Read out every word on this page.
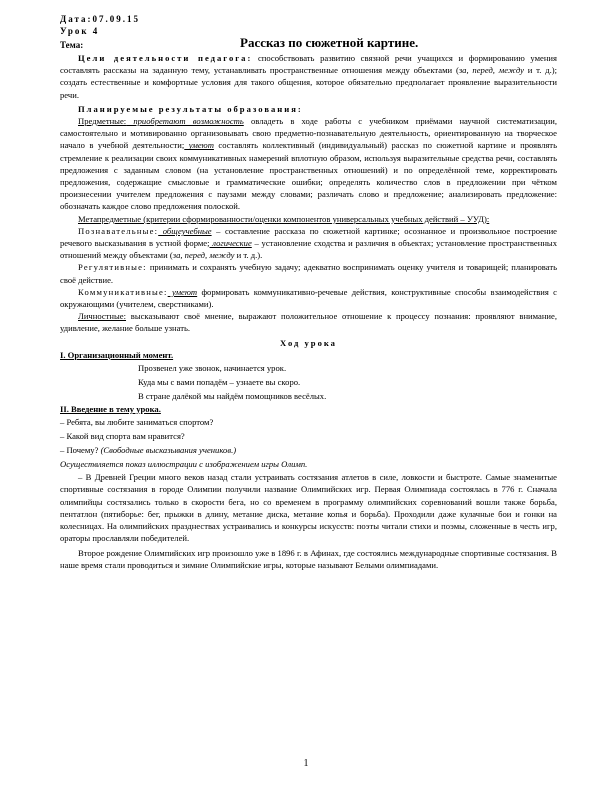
Дата:07.09.15
Урок 4
Тема:	Рассказ по сюжетной картине.

Цели деятельности педагога: способствовать развитию связной речи учащихся и формированию умения составлять рассказы на заданную тему, устанавливать пространственные отношения между объектами (за, перед, между и т. д.); создать естественные и комфортные условия для такого общения, которое обязательно предполагает проявление выразительности речи.

Планируемые результаты образования:

Предметные: приобретают возможность овладеть в ходе работы с учебником приёмами научной систематизации, самостоятельно и мотивированно организовывать свою предметно-познавательную деятельность, ориентированную на творческое начало в учебной деятельности; умеют составлять коллективный (индивидуальный) рассказ по сюжетной картине и проявлять стремление к реализации своих коммуникативных намерений вплотную образом, используя выразительные средства речи, составлять предложения с заданным словом (на установление пространственных отношений) и по определённой теме, корректировать предложения, содержащие смысловые и грамматические ошибки; определять количество слов в предложении при чётком произнесении учителем предложения с паузами между словами; различать слово и предложение; анализировать предложение: обозначать каждое слово предложения полоской.

Метапредметные (критерии сформированности/оценки компонентов универсальных учебных действий – УУД):

Познавательные: общеучебные – составление рассказа по сюжетной картинке; осознанное и произвольное построение речевого высказывания в устной форме; логические – установление сходства и различия в объектах; установление пространственных отношений между объектами (за, перед, между и т. д.).

Регулятивные: принимать и сохранять учебную задачу; адекватно воспринимать оценку учителя и товарищей; планировать своё действие.

Коммуникативные: умеют формировать коммуникативно-речевые действия, конструктивные способы взаимодействия с окружающими (учителем, сверстниками).

Личностные: высказывают своё мнение, выражают положительное отношение к процессу познания: проявляют внимание, удивление, желание больше узнать.

Ход урока

I. Организационный момент.

Прозвенел уже звонок, начинается урок.

Куда мы с вами попадём – узнаете вы скоро.

В стране далёкой мы найдём помощников весёлых.

II. Введение в тему урока.

– Ребята, вы любите заниматься спортом?

– Какой вид спорта вам нравится?

– Почему? (Свободные высказывания учеников.)

Осуществляется показ иллюстрации с изображением игры Олимп.

– В Древней Греции много веков назад стали устраивать состязания атлетов в силе, ловкости и быстроте. Самые знаменитые спортивные состязания в городе Олимпии получили название Олимпийских игр. Первая Олимпиада состоялась в 776 г. Сначала олимпийцы состязались только в скорости бега, но со временем в программу олимпийских соревнований вошли также борьба, пентатлон (пятиборье: бег, прыжки в длину, метание диска, метание копья и борьба). Проходили даже кулачные бои и гонки на колесницах. На олимпийских празднествах устраивались и конкурсы искусств: поэты читали стихи и поэмы, сложенные в честь игр, ораторы прославляли победителей.

Второе рождение Олимпийских игр произошло уже в 1896 г. в Афинах, где состоялись международные спортивные состязания. В наше время стали проводиться и зимние Олимпийские игры, которые называют Белыми олимпиадами.

1
